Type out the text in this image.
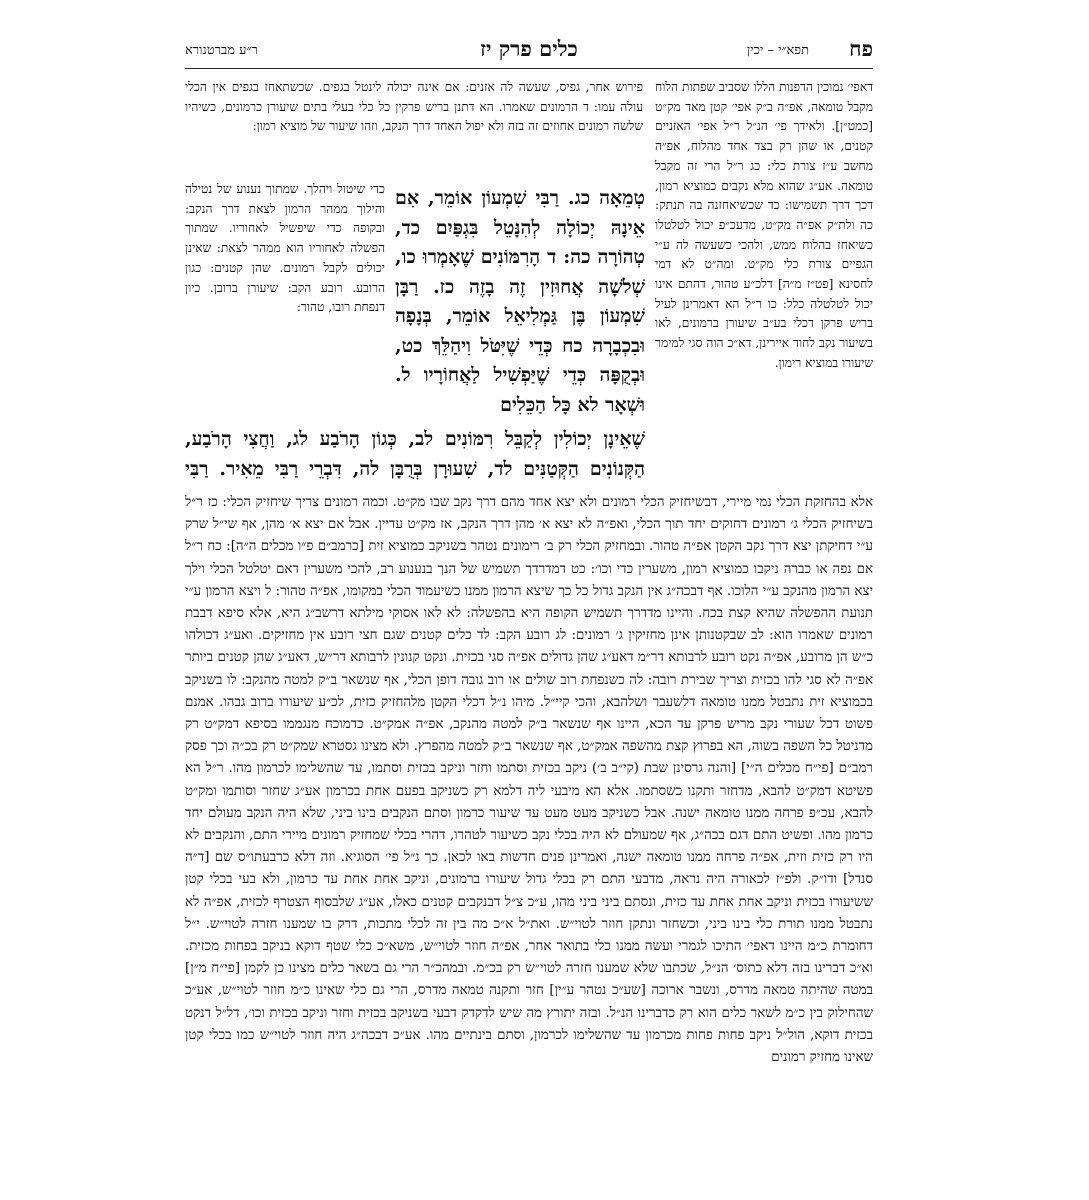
פח
תפא״י – יכין
כלים פרק יז
ר״ע מברטנורא
דאפי׳ נמוכין הדפנות הללו שסביב שפתות הלוח מקבל טומאה, אפ״ה ב״ק אפי׳ קטן מאד מק״ט [כמט״ן]. ולאידך פי׳ הנ״ל ר״ל אפי׳ האזניים קטנים, או שהן רק בצד אחד מהלוח, אפ״ה מחשב ע״ז צורת כלי: כג ר״ל הרי זה מקבל טומאה. אע״ג שהוא מלא נקבים כמוציא רמון, דכך דרך תשמישו: כד שכשיאחזנה בה תנתק: כה ולת״ק אפ״ה מק״ט, מדעכ״פ יכול לטלטלו כשיאחז בהלוח ממש, ולהכי כשעשה לה ע״י הגפיים צורת כלי מק״ט. ומה״ט לא דמי לחסינא [פט״ז מ״ה] דלכ״ע טהור, דהתם אינו יכול לטלטלה כלל: כו ר״ל הא דאמרינן לעיל בריש פרקן דכלי בע״ב שיעורן ברמונים, לאו בשיעור נקב לחוד איירינן, דא״כ הוה סגי למימר שיעורו במוציא רימון.
פירוש אחר, גפיס, שעשה לה אזנים: אם אינה יכולה לינטל בגפים. שכשתאחז בגפים אין הכלי עולה עמו: ד הרמונים שאמרו. הא דתנן בריש פרקין כל כלי בעלי בתים שיעורן כרמונים, כשיהיו שלשה רמונים אחוזים זה בזה ולא יפול האחד דרך הנקב, וזהו שיעור של מוציא רמון:
כדי שיטול ויהלך. שמתוך נענוע של נטילה והילוך ממהר הרמון לצאת דרך הנקב: ובקופה כדי שיפשיל לאחוריו. שמתוך הפשלה לאחוריו הוא ממהר לצאת: שאינן יכולים לקבל רמונים. שהן קטנים: כגון הרובע. רובע הקב: שיעורן ברובן. כיון דנפחת רובו, טהור:
טְמֵאָה כג. רַבִּי שִׁמְעוֹן אוֹמֵר, אִם אֵינָהּ יְכוֹלָה לְהִנָּטֵל בִּגְפַּיִם כד, טְהוֹרָה כה: ד הָרִמּוֹנִים שֶׁאָמְרוּ כו, שְׁלֹשָׁה אֲחוּזִין זֶה בָזֶה כז. רַבָּן שִׁמְעוֹן בֶּן גַּמְלִיאֵל אוֹמֵר, בְּנָפָה וּבִכְבָרָה כח כְּדֵי שֶׁיִּטֹּל וִיהַלֵּךְ כט, וּבְקֻפָּה כְּדֵי שֶׁיַּפְשִׁיל לַאֲחוֹרָיו ל. וּשְׁאָר לא כָּל הַכֵּלִים
שֶׁאֵינָן יְכוֹלִין לְקַבֵּל רִמּוֹנִים לב, כְּגוֹן הָרֹבַע לג, וַחֲצִי הָרֹבַע, הַקְּנוֹנִים הַקְּטַנִּים לד, שִׁעוּרָן בְּרֻבָּן לה, דִּבְרֵי רַבִּי מֵאִיר. רַבִּי
אלא בהחזקת הכלי נמי מיירי, דבשיחזיק הכלי רמונים ולא יצא אחד מהם דרך נקב שבו מק״ט. וכמה רמונים צריך שיחזיק הכלי: כז ר״ל בשיחזיק הכלי ג׳ רמונים דחוקים יחד תוך הכלי, ואפ״ה לא יצא א׳ מהן דרך הנקב, אז מק״ט עדיין. אבל אם יצא א׳ מהן, אף שי״ל שרק ע״י דחיקתן יצא דרך נקב הקטן אפ״ה טהור. ובמחזיק הכלי רק ב׳ רימונים נטהר בשניקב כמוציא זית [כרמב״ם פ״ו מכלים ה״ה]: כח ר״ל אם נפה או כברה ניקבו כמוציא רמון, משערין כדי וכו׳: כט דמדרדך תשמיש של הנך בנענוע רב, להכי משערין דאם יטלטל הכלי וילך יצא הרמון מהנקב ע״י הלוכו. אף דבכה״ג אין הנקב גדול כל כך שיצא הרמון ממנו כשיעמוד הכלי במקומו, אפ״ה טהור: ל ויצא הרמון ע״י תנועת ההפשלה שהיא קצת בכח. והיינו מדדרך תשמיש הקופה היא בהפשלה: לא לאו אסוקי מילתא דרשב״ג היא, אלא סיפא דבבת רמונים שאמרו הוא: לב שבקטנותן אינן מחזיקין ג׳ רמונים: לג רובע הקב: לד כלים קטנים שגם חצי רובע אין מחזיקים. ואע״ג דכולהו כ״ש הן מרובע, אפ״ה נקט רובע לרבותא דר״מ דאע״ג שהן גדולים אפ״ה סגי בכזית. ונקט קנונין לרבותא דר״ש, דאע״ג שהן קטנים ביותר אפ״ה לא סגי להו בכזית וצריך שבירת רובה: לה כשנפחת רוב שולים או רוב גובה דופן הכלי, אף שנשאר ב״ק למטה מהנקב: לו בשניקב בכמוציא זית נתבטל ממנו טומאה דלשעבר ושלהבא, והכי קיי״ל. מיהו נ״ל דכלי הקטן מלהחזיק כזית, לכ״ע שיעורו ברוב גבהו. אמנם פשוט דכל שעורי נקב מריש פרקן עד הכא, היינו אף שנשאר ב״ק למטה מהנקב, אפ״ה אמק״ט. כדמוכח מנגממו בסיפא דמק״ט רק מדניטל כל השפה בשוה, הא בפרוץ קצת מהשפה אמק״ט, אף שנשאר ב״ק למטה מהפרץ. ולא מצינו גסטרא שמק״ט רק בכ״ה וכך פסק רמב״ם [פי״ח מכלים ה״י] [והנה גרסינן שבת (קי״ב ב׳) ניקב בכזית וסתמו וחזר וניקב בכזית וסתמו, עד שהשלימו לכרמון מהו. ר״ל הא פשיטא דמק״ט להבא, מדחזר ותקנו כשסתמו. אלא הא מיבעי ליה דלמא רק כשניקב בפעם אחת בכרמון אע״ג שחזר וסותמו ומק״ט להבא, עכ״פ פרחה ממנו טומאה ישנה. אבל כשניקב מעט מעט עד שיעור כרמון וסתם הנקבים בינו ביני, שלא היה הנקב מעולם יחד כרמון מהו. ופשיט התם דגם בכה״ג, אף שמעולם לא היה בכלי נקב כשיעור לטהרו, דהרי בכלי שמחזיק רמונים מיירי התם, והנקבים לא היו רק כזית וזית, אפ״ה פרחה ממנו טומאה ישנה, ואמרינן פנים חדשות באו לכאן. כך נ״ל פי׳ הסוגיא. וזה דלא כרבעתו״ס שם [ד״ה סנדל] ודו״ק. ולפ״ז לכאורה היה נראה, מדבעי התם רק בכלי גדול שיעורו ברמונים, וניקב אחת אחת עד כרמון, ולא בעי בכלי קטן ששיעורו בכזית וניקב אחת אחת עד כזית, ונסתם ביני ביני מהו, ע״כ צ״ל דבנקבים קטנים כאלו, אע״ג שלבסוף הצטרף לכזית, אפ״ה לא נתבטל ממנו תורת כלי בינו ביני, וכשחזר ונתקן חוזר לטוי״ש. ואת״ל א״כ מה בין זה לכלי מתכות, דרק בו שמענו חזרה לטוי״ש. י״ל דחומרת כ״מ היינו דאפי׳ התיכו לגמרי ועשה ממנו כלי בתואר אחר, אפ״ה חוזר לטוי״ש, משא״כ כלי שטף דוקא בניקב בפחות מכזית. וא״כ דברינו בזה דלא כתוס׳ הנ״ל, שכתבו שלא שמענו חזרה לטוי״ש רק בכ״מ. ובמהכ״ר הרי גם בשאר כלים מצינו כן לקמן [פי״ח מ״ן] במטה שהיתה טמאה מדרס, ונשבר ארוכה [שע״כ נטהר ע״ין] חזר ותקנה טמאה מדרס, הרי גם כלי שאינו כ״מ חוזר לטוי״ש, אע״כ שהחילוק בין כ״מ לשאר כלים הוא רק כדברינו הנ״ל. ובזה יתורץ מה שיש לדקדק דבעי בשניקב בכזית וחזר וניקב בכזית וכו׳, דל״ל דנקט בכזית דוקא, הול״ל ניקב פחות פחות מכרמון עד שהשלימו לכרמון, וסתם בינתיים מהו. אע״כ דבכה״ג היה חוזר לטוי״ש כמו בכלי קטן שאינו מחזיק רמונים
